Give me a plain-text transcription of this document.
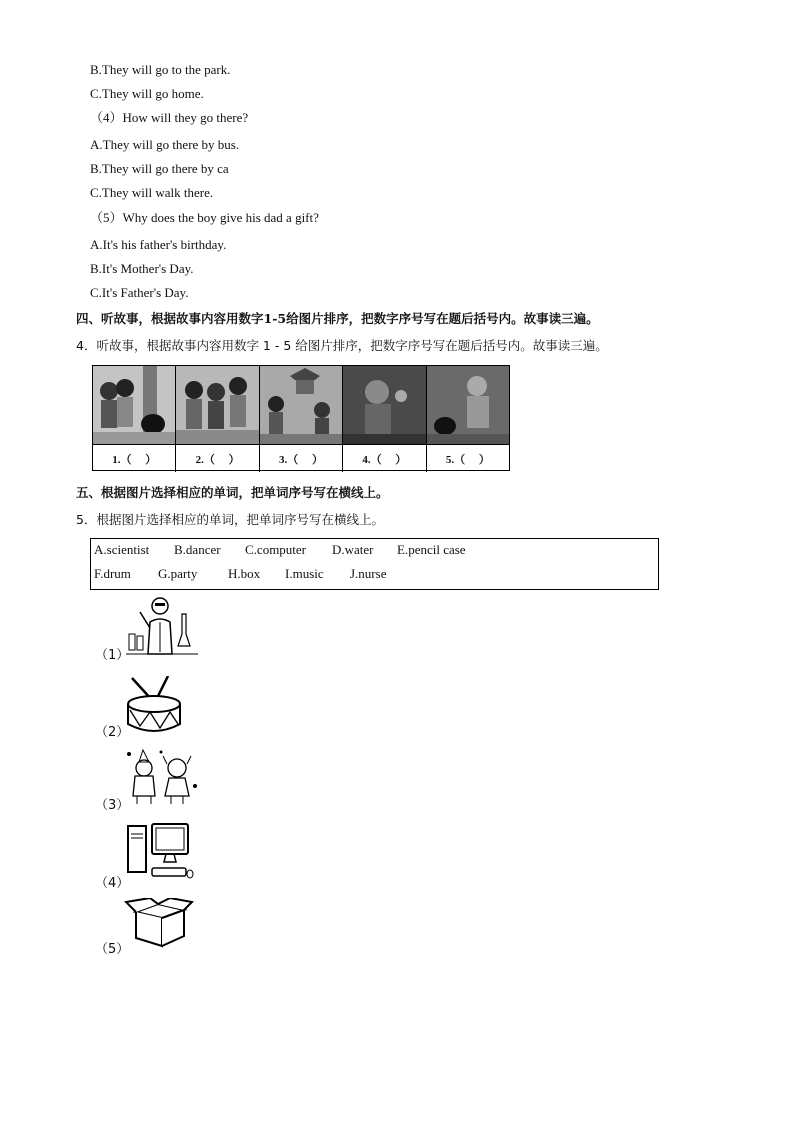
B.They will go to the park.
C.They will go home.
（4）How will they go there?
A.They will go there by bus.
B.They will go there by ca
C.They will walk there.
（5）Why does the boy give his dad a gift?
A.It's his father's birthday.
B.It's Mother's Day.
C.It's Father's Day.
四、听故事，根据故事内容用数字1-5给图片排序，把数字序号写在题后括号内。故事读三遍。
4．听故事，根据故事内容用数字 1 - 5 给图片排序，把数字序号写在题后括号内。故事读三遍。
1.（　 ）	2.（　 ）	3.（　 ）	4.（　 ）	5.（　 ）
五、根据图片选择相应的单词，把单词序号写在横线上。
5．根据图片选择相应的单词，把单词序号写在横线上。
A.scientist B.dancer C.computer D.water E.pencil case
F.drum G.party H.box I.music J.nurse
（1）
（2）
（3）
（4）
（5）
